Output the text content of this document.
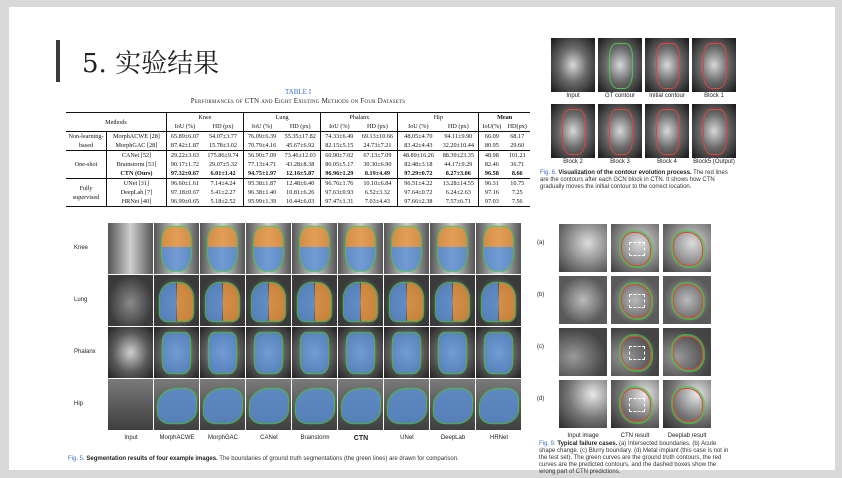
5. 实验结果
TABLE I
Performances of CTN and Eight Existing Methods on Four Datasets
Methods		Knee		Lung		Phalanx		Hip		Mean	
		IoU (%)	HD (px)	IoU (%)	HD (px)	IoU (%)	HD (px)	IoU (%)	HD (px)	IoU(%)	HD(px)
Non-learning-based	MorphACWE [28]	65.89±6.07	54.07±3.77	76.09±6.39	55.35±17.82	74.33±6.49	69.13±10.66	48.05±4.70	94.11±9.90	66.09	68.17
	MorphGAC [28]	87.42±1.87	15.78±3.02	70.79±4.16	45.67±6.92	82.15±5.15	24.73±7.21	83.42±4.43	32.20±10.44	80.95	29.60
One-shot	CANet [52]	29.22±3.63	175.86±9.74	56.90±7.09	73.46±12.03	60.90±7.02	67.13±7.09	48.89±16.26	88.39±23.35	48.98	101.21
	Brainstorm [53]	90.17±1.72	29.07±5.32	77.13±4.71	43.28±8.38	80.05±5.17	30.30±6.90	82.48±3.18	44.17±9.29	82.46	36.71
	CTN (Ours)	97.32±0.67	6.01±1.42	94.75±1.97	12.16±5.87	96.96±1.29	8.19±4.49	97.29±0.72	8.27±3.06	96.58	8.66
Fully supervised	UNet [31]	96.60±1.61	7.14±4.24	95.38±1.87	12.48±6.40	96.76±1.76	10.10±6.84	96.51±4.22	13.28±14.55	96.31	10.75
	DeepLab [7]	97.18±0.67	5.41±2.27	96.38±1.40	10.81±6.26	97.63±0.93	6.52±3.32	97.64±0.72	6.24±2.63	97.16	7.25
	HRNet [40]	96.99±0.65	5.18±2.52	95.99±1.39	10.44±6.03	97.47±1.31	7.03±4.43	97.66±2.38	7.57±6.71	97.03	7.56
Knee
Lung
Phalanx
Hip
Input	MorphACWE	MorphGAC	CANet	Brainstorm	CTN	UNet	DeepLab	HRNet
Fig. 5. Segmentation results of four example images. The boundaries of ground truth segmentations (the green lines) are drawn for comparison.
Input	GT contour	Initial contour	Block 1
Block 2	Block 3	Block 4	Block5 (Output)
Fig. 6. Visualization of the contour evolution process. The red lines are the contours after each GCN block in CTN. It shows how CTN gradually moves the initial contour to the correct location.
(a)
(b)
(c)
(d)
Input image	CTN result	Deeplab result
Fig. 9. Typical failure cases. (a) Intersected boundaries. (b) Acute shape change. (c) Blurry boundary. (d) Metal implant (this case is not in the test set). The green curves are the ground truth contours, the red curves are the predicted contours, and the dashed boxes show the wrong part of CTN predictions.
